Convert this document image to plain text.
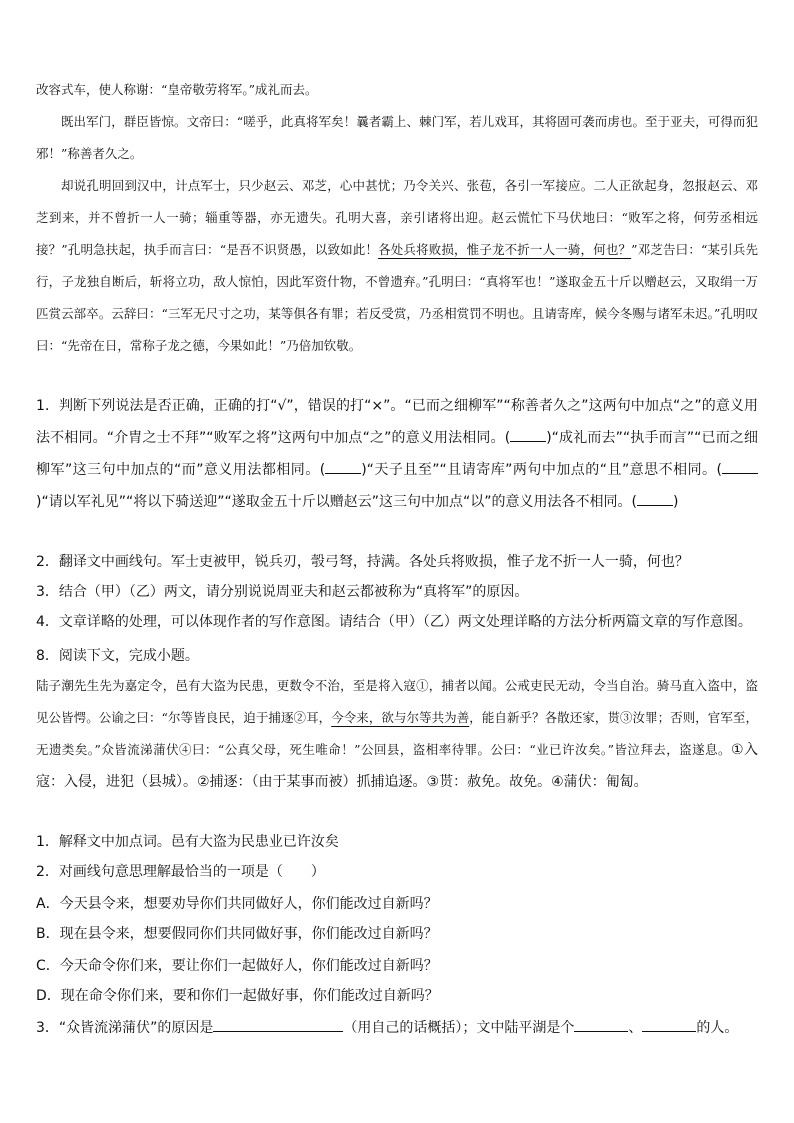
改容式车，使人称谢：“皇帝敬劳将军。”成礼而去。

既出军门，群臣皆惊。文帝曰：“嗟乎，此真将军矣！曩者霸上、棘门军，若儿戏耳，其将固可袭而虏也。至于亚夫，可得而犯邪！”称善者久之。

却说孔明回到汉中，计点军士，只少赵云、邓芝，心中甚忧；乃令关兴、张苞，各引一军接应。二人正欲起身，忽报赵云、邓芝到来，并不曾折一人一骑；辎重等器，亦无遗失。孔明大喜，亲引诸将出迎。赵云慌忙下马伏地曰：“败军之将，何劳丞相远接？”孔明急扶起，执手而言曰：“是吾不识贤愚，以致如此！各处兵将败损，惟子龙不折一人一骑，何也？”邓芝告曰：“某引兵先行，子龙独自断后，斩将立功，敌人惊怕，因此军资什物，不曾遗弃。”孔明曰：“真将军也！”遂取金五十斤以赠赵云，又取绢一万匹赏云部卒。云辞曰：“三军无尺寸之功，某等俱各有罪；若反受赏，乃丞相赏罚不明也。且请寄库，候今冬赐与诸军未迟。”孔明叹曰：“先帝在日，常称子龙之德，今果如此！”乃倍加钦敬。

1．判断下列说法是否正确，正确的打“√”，错误的打“×”。“已而之细柳军”“称善者久之”这两句中加点“之”的意义用法不相同。“介胄之士不拜”“败军之将”这两句中加点“之”的意义用法相同。(	)“成礼而去”“执手而言”“已而之细柳军”这三句中加点的“而”意义用法都相同。(	)“天子且至”“且请寄库”两句中加点的“且”意思不相同。()“请以军礼见”“将以下骑送迎”“遂取金五十斤以赠赵云”这三句中加点“以”的意义用法各不相同。(	)

2．翻译文中画线句。军士吏被甲，锐兵刃，彀弓弩，持满。各处兵将败损，惟子龙不折一人一骑，何也？

3．结合（甲）（乙）两文，请分别说说周亚夫和赵云都被称为“真将军”的原因。

4．文章详略的处理，可以体现作者的写作意图。请结合（甲）（乙）两文处理详略的方法分析两篇文章的写作意图。

8．阅读下文，完成小题。

陆子潮先生先为嘉定令，邑有大盗为民患，更数令不治，至是将入寇①，捕者以闻。公戒吏民无动，令当自治。骑马直入盗中，盗见公皆愕。公谕之曰：“尔等皆良民，迫于捕逐②耳，今令来，欲与尔等共为善，能自新乎？各散还家，贳③汝罪；否则，官军至，无遗类矣。”众皆流涕蒲伏④曰：“公真父母，死生唯命！”公回县，盗相率待罪。公曰：“业已许汝矣。”皆泣拜去，盗遂息。①入寇：入侵，进犯（县城）。②捕逐：（由于某事而被）抓捕追逐。③贳：赦免。故免。④蒲伏：匍匐。

1．解释文中加点词。邑有大盗为民患业已许汝矣

2．对画线句意思理解最恰当的一项是（　　）

A．今天县令来，想要劝导你们共同做好人，你们能改过自新吗？

B．现在县令来，想要假同你们共同做好事，你们能改过自新吗？

C．今天命令你们来，要让你们一起做好人，你们能改过自新吗？

D．现在命令你们来，要和你们一起做好事，你们能改过自新吗？

3．“众皆流涕蒲伏”的原因是	（用自己的话概括）；文中陆平湖是个	、	的人。
